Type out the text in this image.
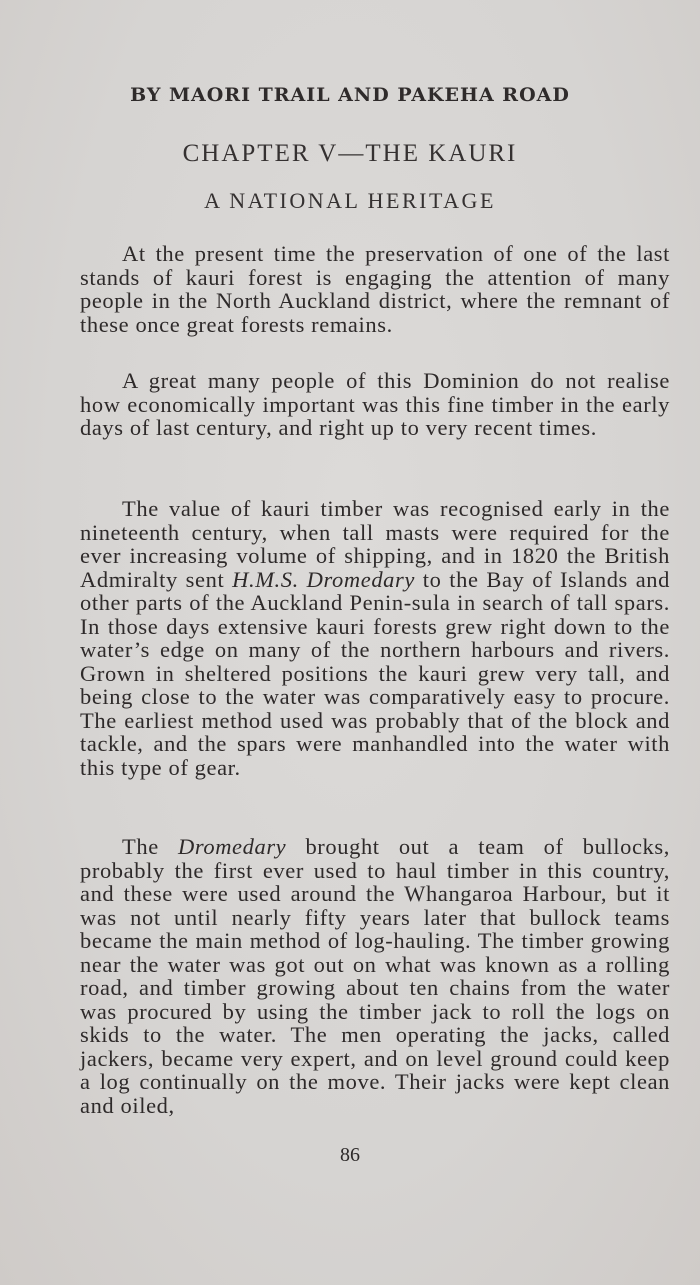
BY MAORI TRAIL AND PAKEHA ROAD
CHAPTER V—THE KAURI
A NATIONAL HERITAGE

At the present time the preservation of one of the last stands of kauri forest is engaging the attention of many people in the North Auckland district, where the remnant of these once great forests remains.

A great many people of this Dominion do not realise how economically important was this fine timber in the early days of last century, and right up to very recent times.

The value of kauri timber was recognised early in the nineteenth century, when tall masts were required for the ever increasing volume of shipping, and in 1820 the British Admiralty sent H.M.S. Dromedary to the Bay of Islands and other parts of the Auckland Penin-sula in search of tall spars. In those days extensive kauri forests grew right down to the water’s edge on many of the northern harbours and rivers. Grown in sheltered positions the kauri grew very tall, and being close to the water was comparatively easy to procure. The earliest method used was probably that of the block and tackle, and the spars were manhandled into the water with this type of gear.

The Dromedary brought out a team of bullocks, probably the first ever used to haul timber in this country, and these were used around the Whangaroa Harbour, but it was not until nearly fifty years later that bullock teams became the main method of log-hauling. The timber growing near the water was got out on what was known as a rolling road, and timber growing about ten chains from the water was procured by using the timber jack to roll the logs on skids to the water. The men operating the jacks, called jackers, became very expert, and on level ground could keep a log continually on the move. Their jacks were kept clean and oiled,

86
